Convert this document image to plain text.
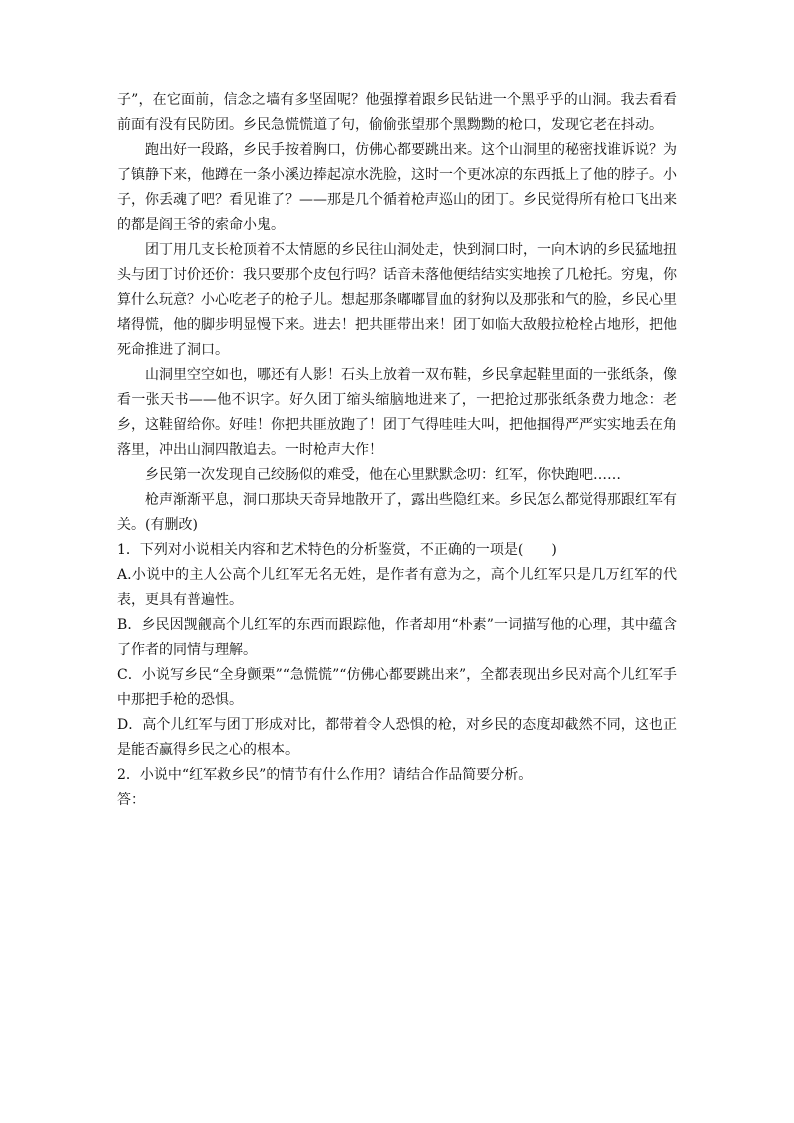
子”，在它面前，信念之墙有多坚固呢？他强撑着跟乡民钻进一个黑乎乎的山洞。我去看看前面有没有民防团。乡民急慌慌道了句，偷偷张望那个黑黝黝的枪口，发现它老在抖动。

跑出好一段路，乡民手按着胸口，仿佛心都要跳出来。这个山洞里的秘密找谁诉说？为了镇静下来，他蹲在一条小溪边捧起凉水洗脸，这时一个更冰凉的东西抵上了他的脖子。小子，你丢魂了吧？看见谁了？——那是几个循着枪声巡山的团丁。乡民觉得所有枪口飞出来的都是阎王爷的索命小鬼。

团丁用几支长枪顶着不太情愿的乡民往山洞处走，快到洞口时，一向木讷的乡民猛地扭头与团丁讨价还价：我只要那个皮包行吗？话音未落他便结结实实地挨了几枪托。穷鬼，你算什么玩意？小心吃老子的枪子儿。想起那条嘟嘟冒血的豺狗以及那张和气的脸，乡民心里堵得慌，他的脚步明显慢下来。进去！把共匪带出来！团丁如临大敌般拉枪栓占地形，把他死命推进了洞口。

山洞里空空如也，哪还有人影！石头上放着一双布鞋，乡民拿起鞋里面的一张纸条，像看一张天书——他不识字。好久团丁缩头缩脑地进来了，一把抢过那张纸条费力地念：老乡，这鞋留给你。好哇！你把共匪放跑了！团丁气得哇哇大叫，把他掴得严严实实地丢在角落里，冲出山洞四散追去。一时枪声大作！

乡民第一次发现自己绞肠似的难受，他在心里默默念叨：红军，你快跑吧……

枪声渐渐平息，洞口那块天奇异地散开了，露出些隐红来。乡民怎么都觉得那跟红军有关。(有删改)

1．下列对小说相关内容和艺术特色的分析鉴赏，不正确的一项是(　　)

A.小说中的主人公高个儿红军无名无姓，是作者有意为之，高个儿红军只是几万红军的代表，更具有普遍性。

B．乡民因觊觎高个儿红军的东西而跟踪他，作者却用“朴素”一词描写他的心理，其中蕴含了作者的同情与理解。

C．小说写乡民“全身颤栗”“急慌慌”“仿佛心都要跳出来”，全都表现出乡民对高个儿红军手中那把手枪的恐惧。

D．高个儿红军与团丁形成对比，都带着令人恐惧的枪，对乡民的态度却截然不同，这也正是能否赢得乡民之心的根本。

2．小说中“红军救乡民”的情节有什么作用？请结合作品简要分析。

答：
